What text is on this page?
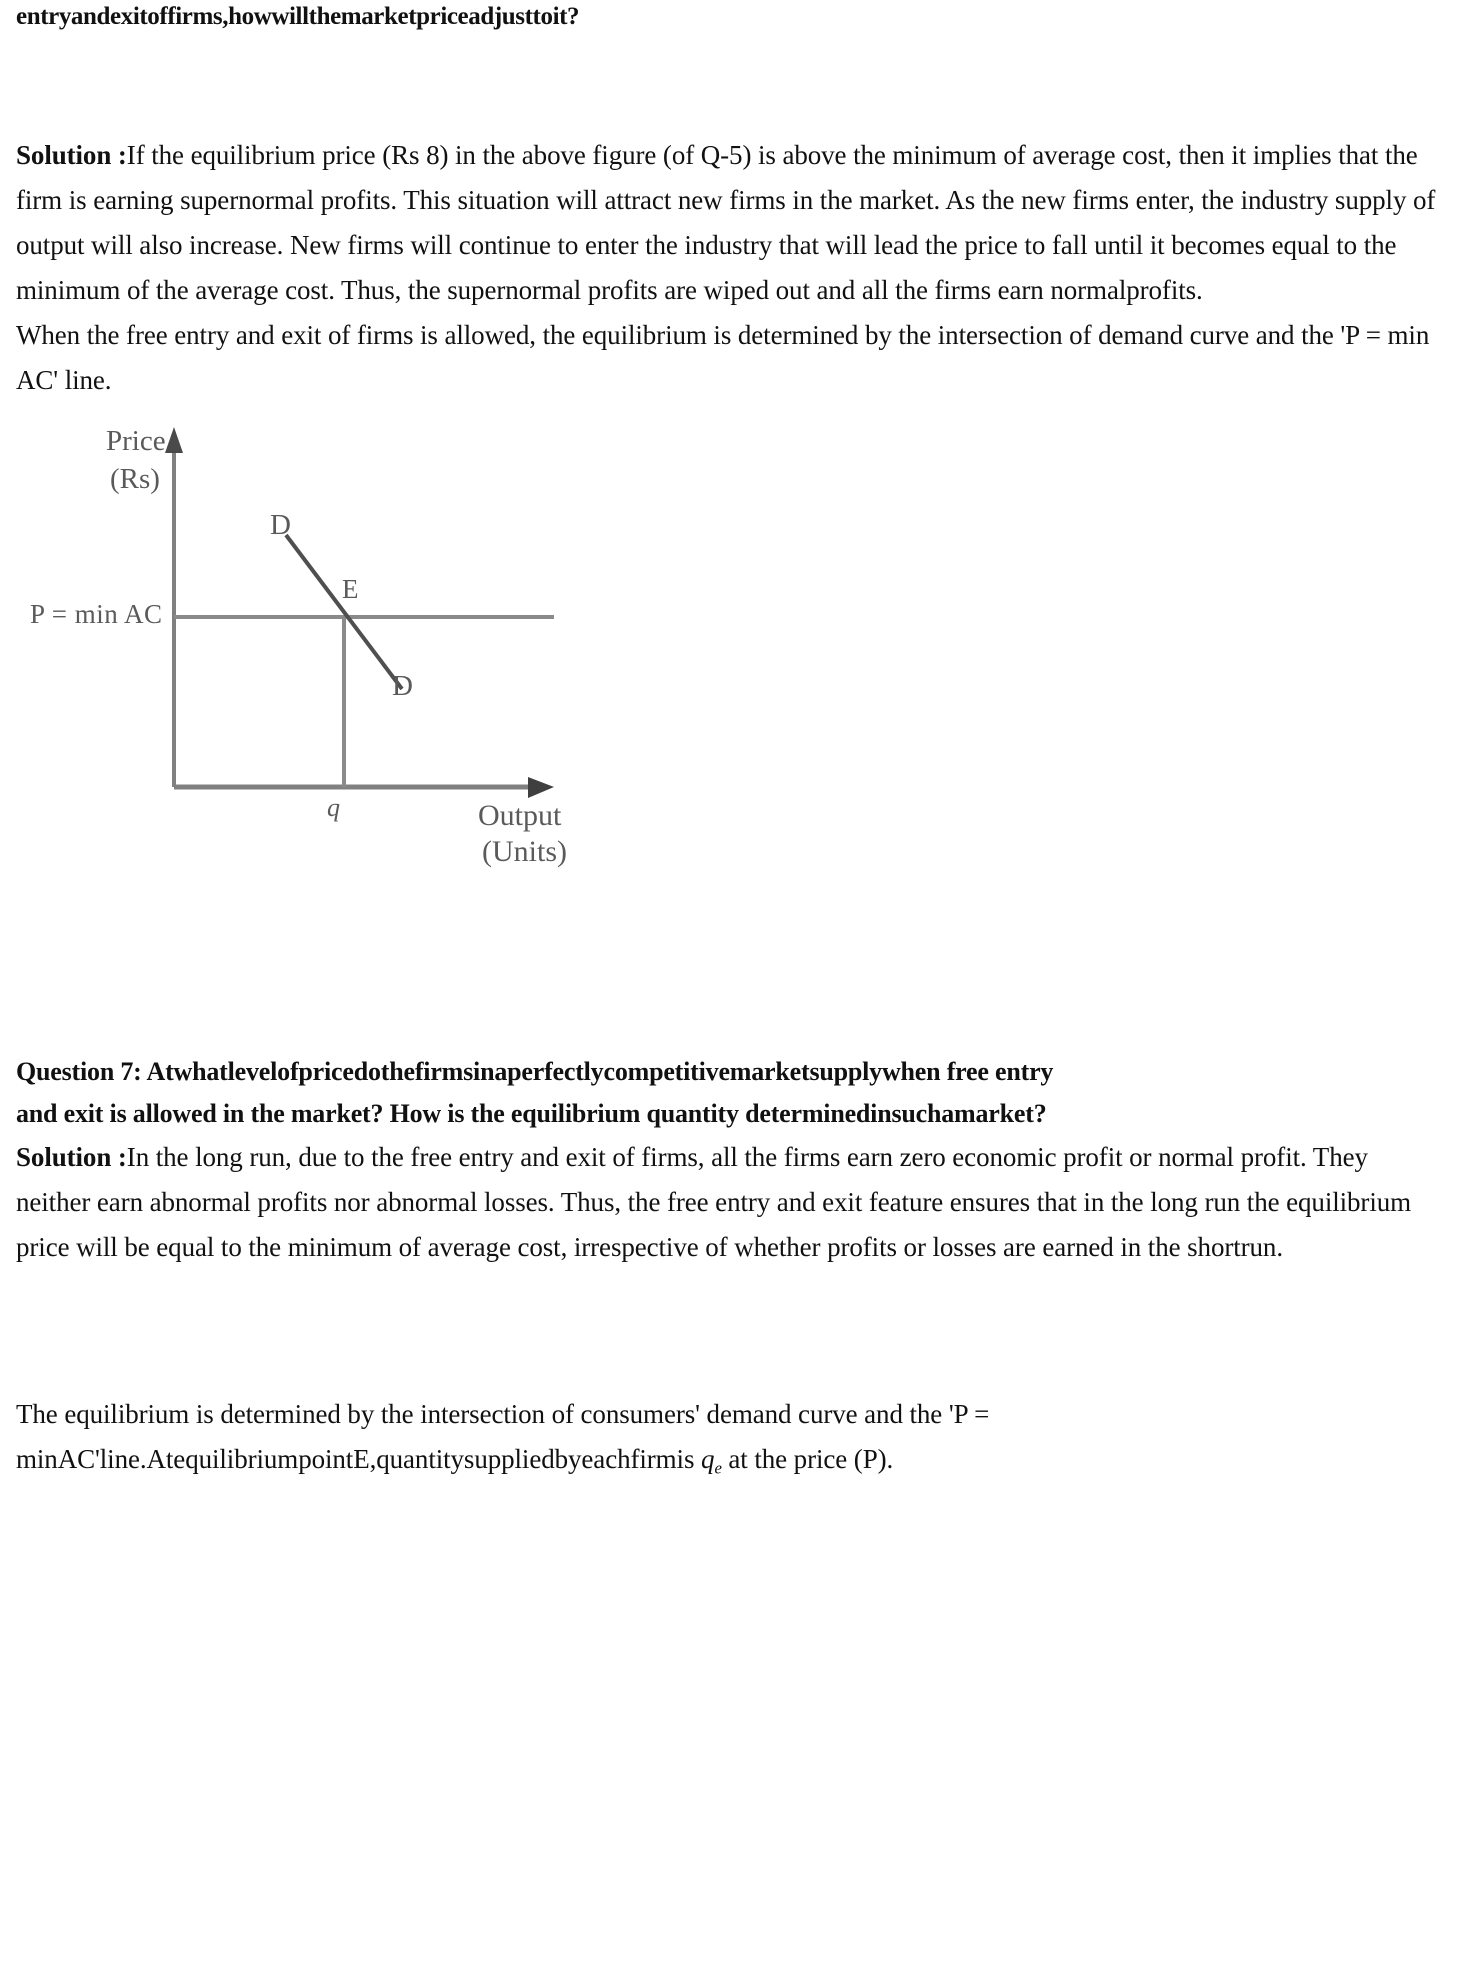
entryandexitoffirms,howwillthemarketpriceadjusttoit?

Solution :If the equilibrium price (Rs 8) in the above figure (of Q-5) is above the minimum of average cost, then it implies that the firm is earning supernormal profits. This situation will attract new firms in the market. As the new firms enter, the industry supply of output will also increase. New firms will continue to enter the industry that will lead the price to fall until it becomes equal to the minimum of the average cost. Thus, the supernormal profits are wiped out and all the firms earn normalprofits.

When the free entry and exit of firms is allowed, the equilibrium is determined by the intersection of demand curve and the 'P = min AC' line.

Price
(Rs)
P = min AC
D
E
D
q	Output
(Units)
Question 7: Atwhatlevelofpricedothefirmsinaperfectlycompetitivemarketsupplywhen free entry
and exit is allowed in the market? How is the equilibrium quantity determinedinsuchamarket?

Solution :In the long run, due to the free entry and exit of firms, all the firms earn zero economic profit or normal profit. They neither earn abnormal profits nor abnormal losses. Thus, the free entry and exit feature ensures that in the long run the equilibrium price will be equal to the minimum of average cost, irrespective of whether profits or losses are earned in the shortrun.

The equilibrium is determined by the intersection of consumers' demand curve and the 'P = minAC'line.AtequilibriumpointE,quantitysuppliedbyeachfirmis $q_e$ at the price (P).
